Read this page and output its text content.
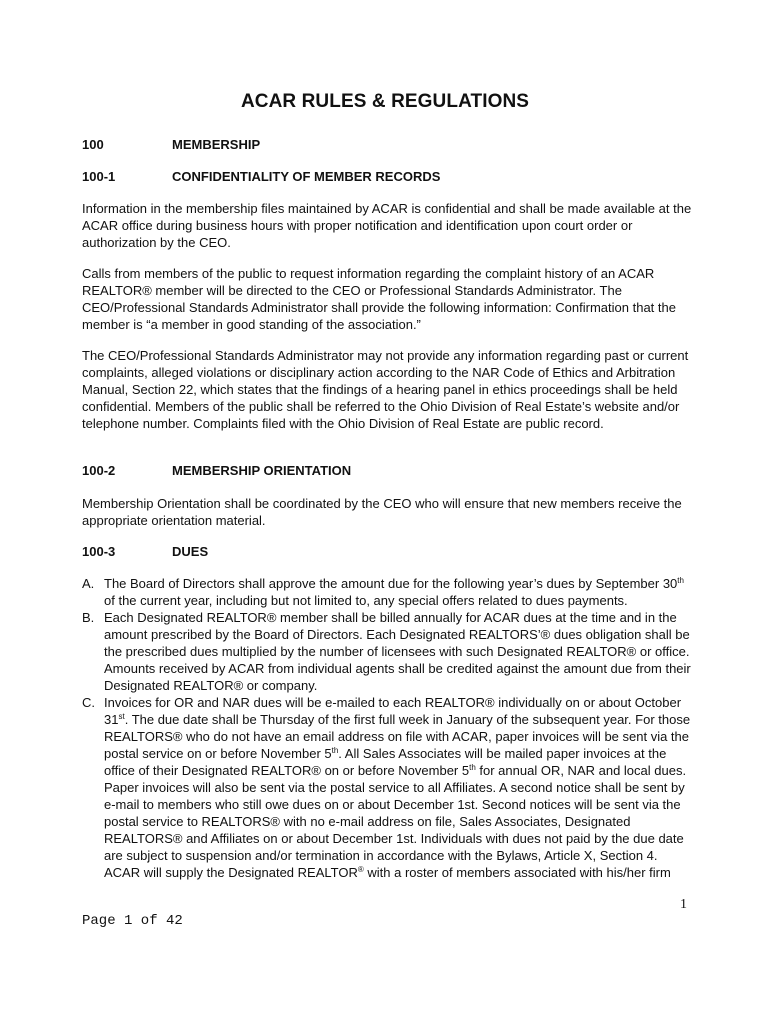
ACAR RULES & REGULATIONS
100	MEMBERSHIP
100-1	CONFIDENTIALITY OF MEMBER RECORDS

Information in the membership files maintained by ACAR is confidential and shall be made available at the ACAR office during business hours with proper notification and identification upon court order or authorization by the CEO.

Calls from members of the public to request information regarding the complaint history of an ACAR REALTOR® member will be directed to the CEO or Professional Standards Administrator. The CEO/Professional Standards Administrator shall provide the following information: Confirmation that the member is “a member in good standing of the association.”

The CEO/Professional Standards Administrator may not provide any information regarding past or current complaints, alleged violations or disciplinary action according to the NAR Code of Ethics and Arbitration Manual, Section 22, which states that the findings of a hearing panel in ethics proceedings shall be held confidential. Members of the public shall be referred to the Ohio Division of Real Estate’s website and/or telephone number. Complaints filed with the Ohio Division of Real Estate are public record.

100-2	MEMBERSHIP ORIENTATION

Membership Orientation shall be coordinated by the CEO who will ensure that new members receive the appropriate orientation material.

100-3	DUES
A. The Board of Directors shall approve the amount due for the following year’s dues by September 30th of the current year, including but not limited to, any special offers related to dues payments.
B. Each Designated REALTOR® member shall be billed annually for ACAR dues at the time and in the amount prescribed by the Board of Directors. Each Designated REALTORS’® dues obligation shall be the prescribed dues multiplied by the number of licensees with such Designated REALTOR® or office. Amounts received by ACAR from individual agents shall be credited against the amount due from their Designated REALTOR® or company.
C. Invoices for OR and NAR dues will be e-mailed to each REALTOR® individually on or about October 31st. The due date shall be Thursday of the first full week in January of the subsequent year. For those REALTORS® who do not have an email address on file with ACAR, paper invoices will be sent via the postal service on or before November 5th. All Sales Associates will be mailed paper invoices at the office of their Designated REALTOR® on or before November 5th for annual OR, NAR and local dues. Paper invoices will also be sent via the postal service to all Affiliates. A second notice shall be sent by e-mail to members who still owe dues on or about December 1st. Second notices will be sent via the postal service to REALTORS® with no e-mail address on file, Sales Associates, Designated REALTORS® and Affiliates on or about December 1st. Individuals with dues not paid by the due date are subject to suspension and/or termination in accordance with the Bylaws, Article X, Section 4. ACAR will supply the Designated REALTOR® with a roster of members associated with his/her firm
1
Page 1 of 42
